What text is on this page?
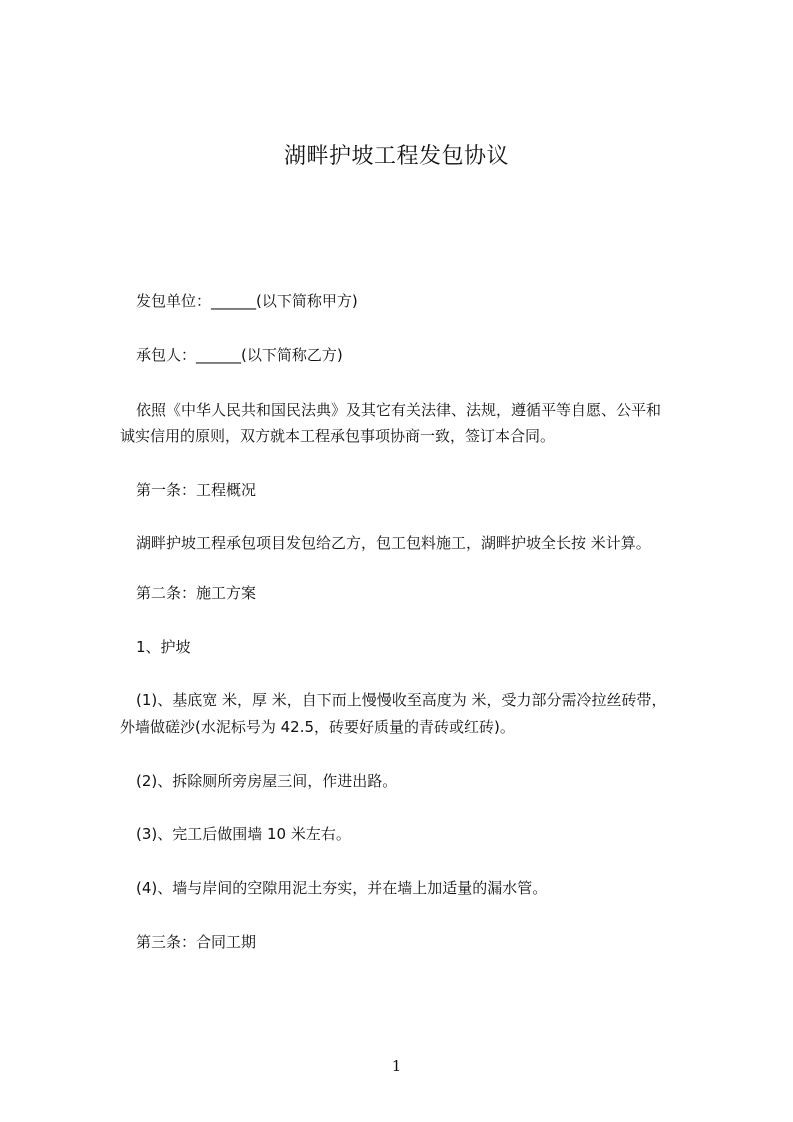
湖畔护坡工程发包协议
发包单位：______(以下简称甲方)
承包人：______(以下简称乙方)
依照《中华人民共和国民法典》及其它有关法律、法规，遵循平等自愿、公平和
诚实信用的原则，双方就本工程承包事项协商一致，签订本合同。
第一条：工程概况
湖畔护坡工程承包项目发包给乙方，包工包料施工，湖畔护坡全长按 米计算。
第二条：施工方案
1、护坡
(1)、基底宽 米，厚 米，自下而上慢慢收至高度为 米，受力部分需冷拉丝砖带，
外墙做磋沙(水泥标号为 42.5，砖要好质量的青砖或红砖)。
(2)、拆除厕所旁房屋三间，作进出路。
(3)、完工后做围墙 10 米左右。
(4)、墙与岸间的空隙用泥土夯实，并在墙上加适量的漏水管。
第三条：合同工期
1
